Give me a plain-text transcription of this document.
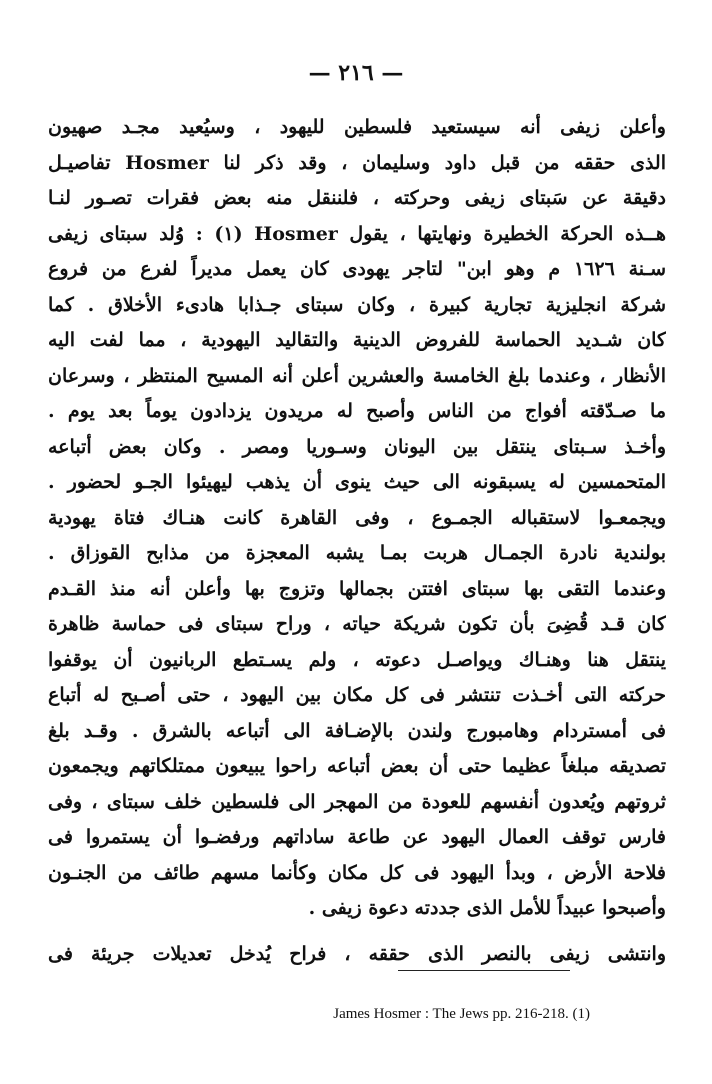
— ٢١٦ —
وأعلن زيفى أنه سيستعيد فلسطين لليهود ، وسيُعيد مجـد صهيون
الذى حققه من قبل داود وسليمان ، وقد ذكر لنا Hosmer تفاصيـل
دقيقة عن سَبتاى زيفى وحركته ، فلننقل منه بعض فقرات تصـور لنـا
هــذه الحركة الخطيرة ونهايتها ، يقول Hosmer (١) : وُلد سبتاى زيفى
سـنة ١٦٢٦ م وهو ابن" لتاجر يهودى كان يعمل مديراً لفرع من فروع
شركة انجليزية تجارية كبيرة ، وكان سبتاى جـذابا هادىء الأخلاق . كما
كان شـديد الحماسة للفروض الدينية والتقاليد اليهودية ، مما لفت اليه
الأنظار ، وعندما بلغ الخامسة والعشرين أعلن أنه المسيح المنتظر ، وسرعان
ما صـدّقته أفواج من الناس وأصبح له مريدون يزدادون يوماً بعد يوم .
وأخـذ سـبتاى ينتقل بين اليونان وسـوريا ومصر . وكان بعض أتباعه
المتحمسين له يسبقونه الى حيث ينوى أن يذهب ليهيئوا الجـو لحضور .
ويجمعـوا لاستقباله الجمـوع ، وفى القاهرة كانت هنـاك فتاة يهودية
بولندية نادرة الجمـال هربت بمـا يشبه المعجزة من مذابح القوزاق .
وعندما التقى بها سبتاى افتتن بجمالها وتزوج بها وأعلن أنه منذ القـدم
كان قـد قُضِىَ بأن تكون شريكة حياته ، وراح سبتاى فى حماسة ظاهرة
ينتقل هنا وهنـاك ويواصـل دعوته ، ولم يسـتطع الربانيون أن يوقفوا
حركته التى أخـذت تنتشر فى كل مكان بين اليهود ، حتى أصـبح له أتباع
فى أمستردام وهامبورج ولندن بالإضـافة الى أتباعه بالشرق . وقـد بلغ
تصديقه مبلغاً عظيما حتى أن بعض أتباعه راحوا يبيعون ممتلكاتهم ويجمعون
ثروتهم ويُعدون أنفسهم للعودة من المهجر الى فلسطين خلف سبتاى ، وفى
فارس توقف العمال اليهود عن طاعة ساداتهم ورفضـوا أن يستمروا فى
فلاحة الأرض ، وبدأ اليهود فى كل مكان وكأنما مسهم طائف من الجنـون
وأصبحوا عبيداً للأمل الذى جددته دعوة زيفى .
وانتشى زيفى بالنصر الذى حققه ، فراح يُدخل تعديلات جريئة فى
James Hosmer : The Jews pp. 216-218. (1)
